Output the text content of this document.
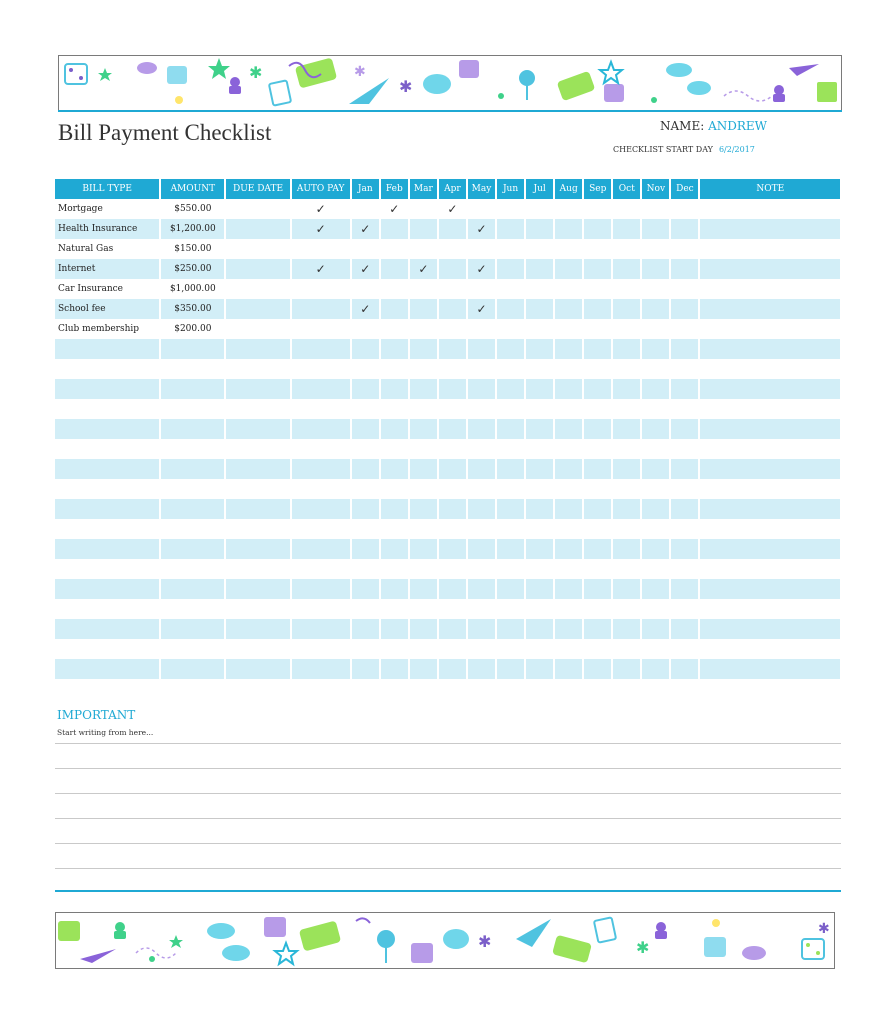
✱
✱	✱
Bill Payment Checklist	NAME: ANDREW
CHECKLIST START DAY 6/2/2017
BILL TYPE	AMOUNT	DUE DATE	AUTO PAY	Jan	Feb	Mar	Apr	May	Jun	Jul	Aug	Sep	Oct	Nov	Dec	NOTE
Mortgage	$550.00		✓		✓		✓									
Health Insurance	$1,200.00		✓	✓				✓								
Natural Gas	$150.00															
Internet	$250.00		✓	✓		✓		✓								
Car Insurance	$1,000.00															
School fee	$350.00			✓				✓								
Club membership	$200.00															

IMPORTANT
Start writing from here...
✱	✱
✱
